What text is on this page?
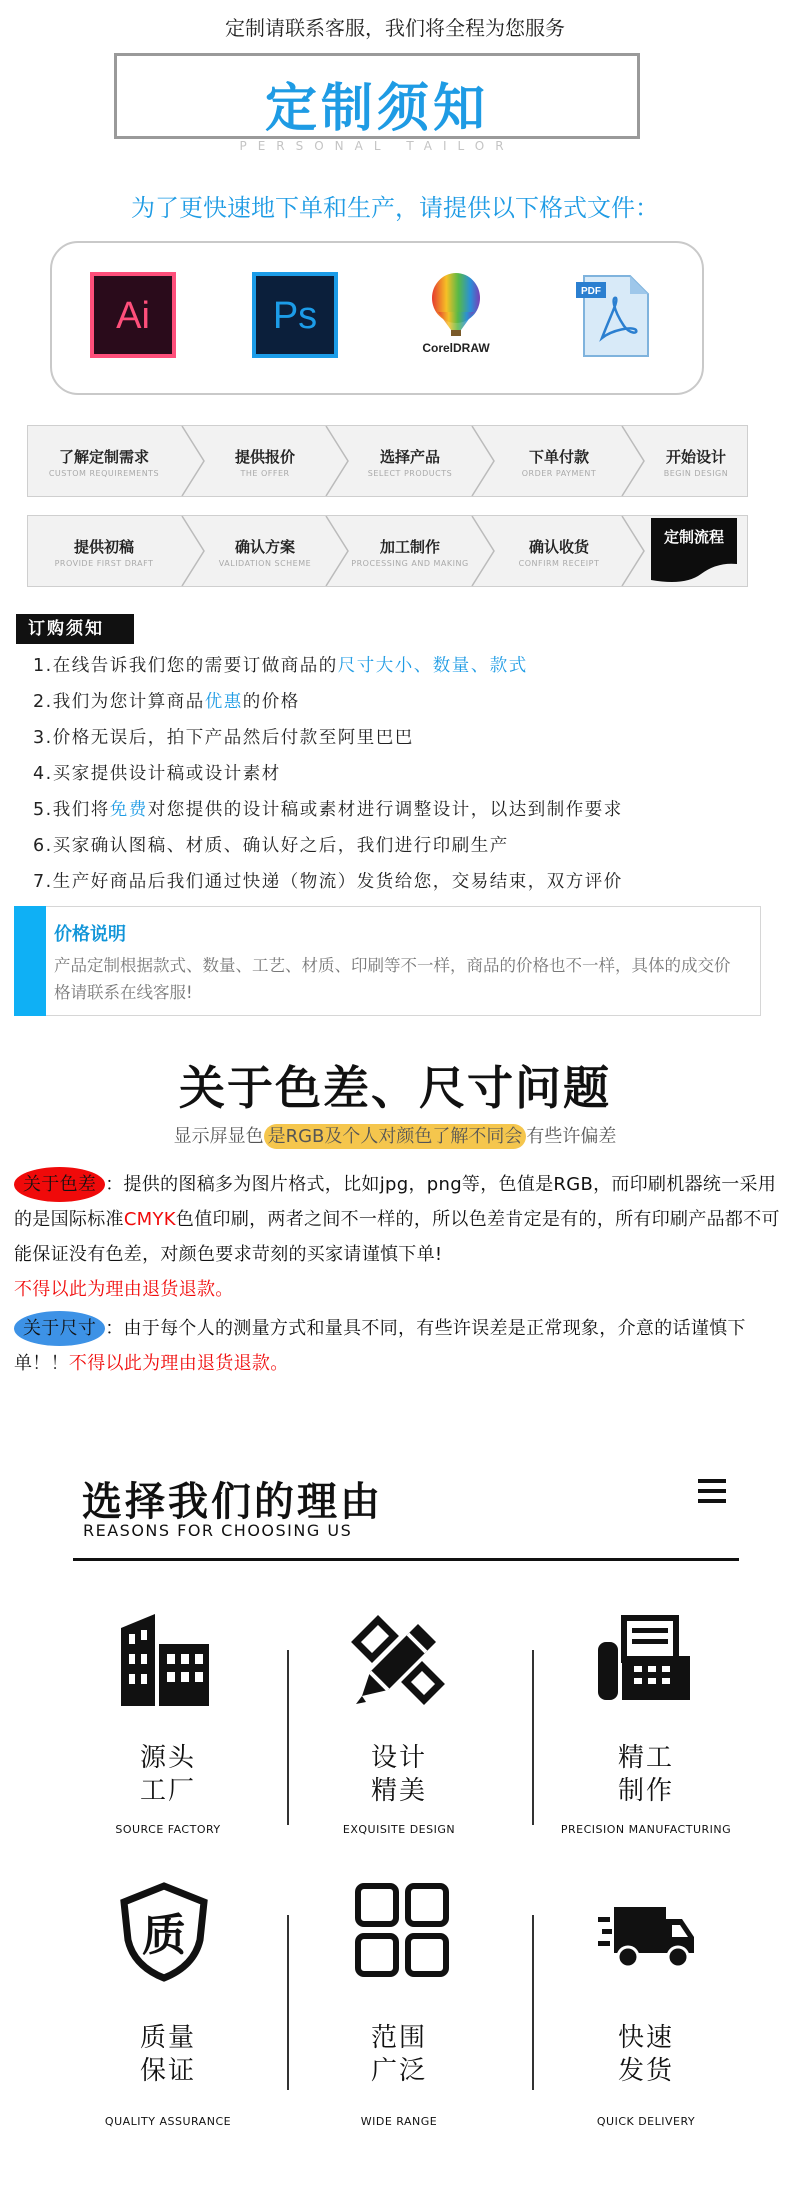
定制请联系客服，我们将全程为您服务
定制须知
PERSONAL TAILOR
为了更快速地下单和生产，请提供以下格式文件：
Ai	Ps
CorelDRAW
PDF
了解定制需求
CUSTOM REQUIREMENTS
提供报价
THE OFFER
选择产品
SELECT PRODUCTS
下单付款
ORDER PAYMENT
开始设计
BEGIN DESIGN
提供初稿
PROVIDE FIRST DRAFT
确认方案
VALIDATION SCHEME
加工制作
PROCESSING AND MAKING
确认收货
CONFIRM RECEIPT
定制流程
订购须知
1.在线告诉我们您的需要订做商品的尺寸大小、数量、款式
2.我们为您计算商品优惠的价格
3.价格无误后，拍下产品然后付款至阿里巴巴
4.买家提供设计稿或设计素材
5.我们将免费对您提供的设计稿或素材进行调整设计，以达到制作要求
6.买家确认图稿、材质、确认好之后，我们进行印刷生产
7.生产好商品后我们通过快递（物流）发货给您，交易结束，双方评价
价格说明
产品定制根据款式、数量、工艺、材质、印刷等不一样，商品的价格也不一样，具体的成交价格请联系在线客服!
关于色差、尺寸问题
显示屏显色 是RGB及个人对颜色了解不同会 有些许偏差
关于色差 ：提供的图稿多为图片格式，比如jpg，png等，色值是RGB，而印刷机器统一采用的是国际标准CMYK色值印刷，两者之间不一样的，所以色差肯定是有的，所有印刷产品都不可能保证没有色差，对颜色要求苛刻的买家请谨慎下单!
不得以此为理由退货退款。
关于尺寸 ：由于每个人的测量方式和量具不同，有些许误差是正常现象，介意的话谨慎下单！！不得以此为理由退货退款。
选择我们的理由
REASONS FOR CHOOSING US
源头
工厂
设计
精美
精工
制作
SOURCE FACTORY	EXQUISITE DESIGN	PRECISION MANUFACTURING
质
质量
保证
范围
广泛
快速
发货
QUALITY ASSURANCE	WIDE RANGE	QUICK DELIVERY
